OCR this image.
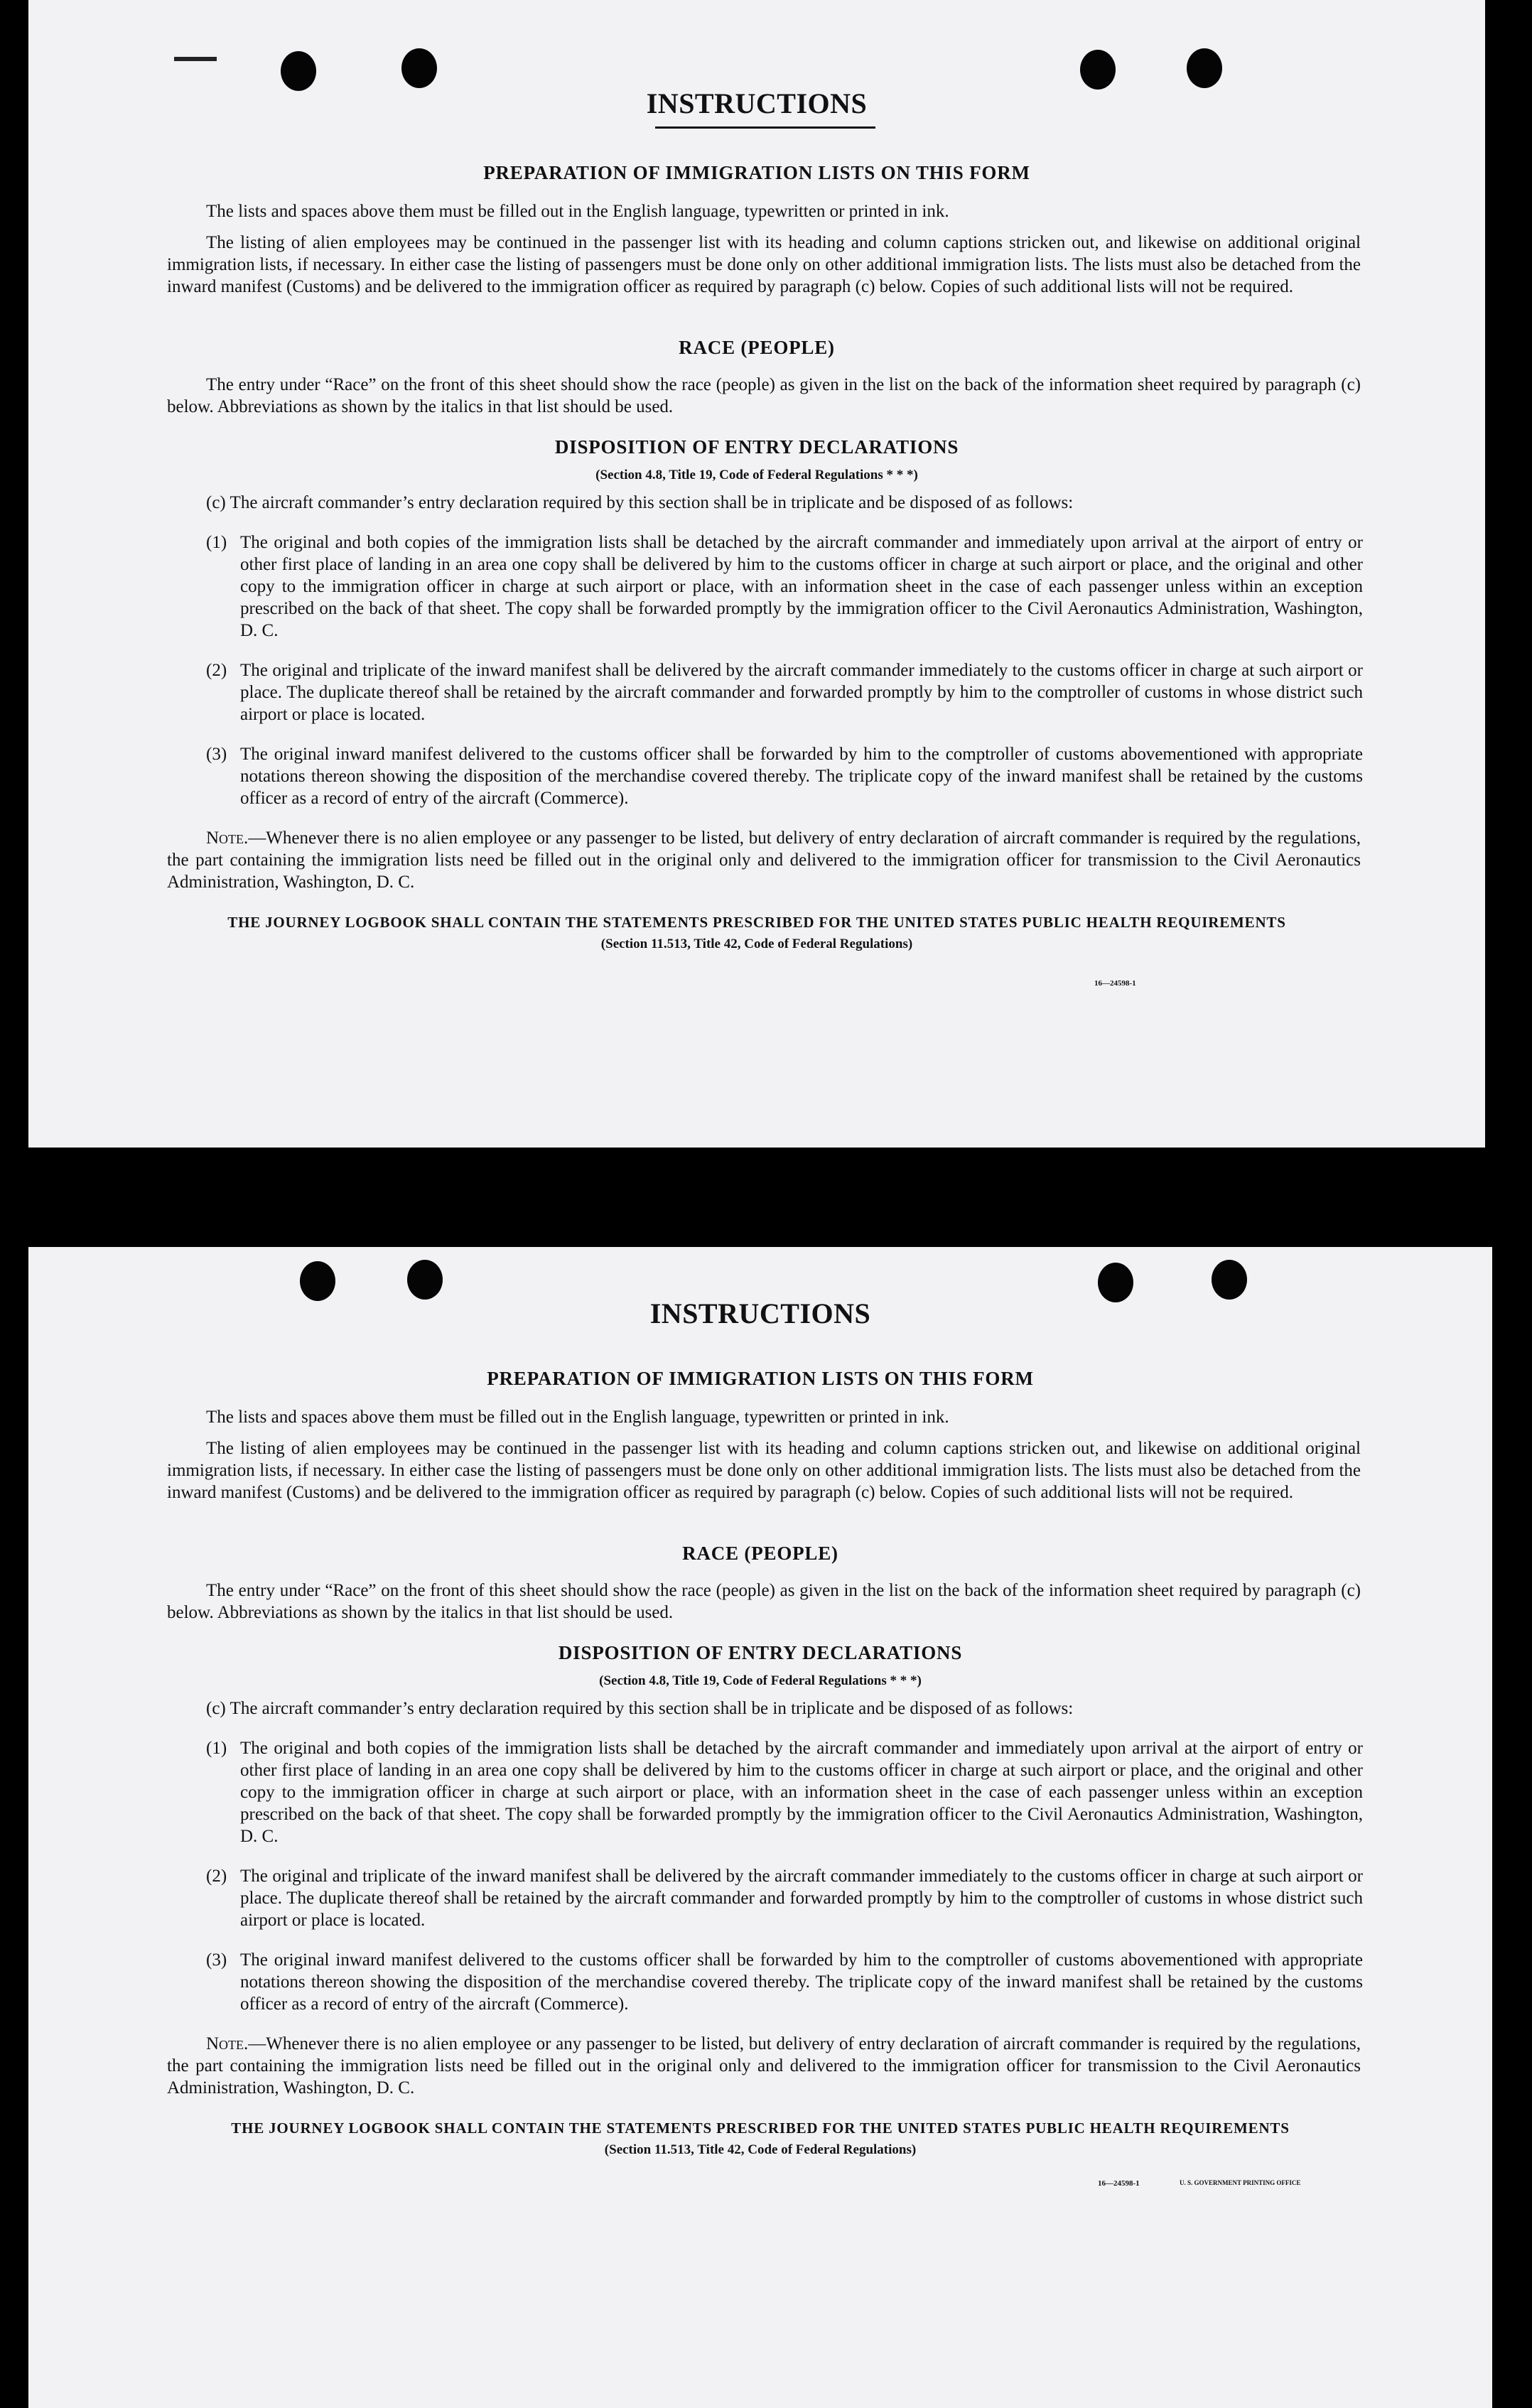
INSTRUCTIONS
PREPARATION OF IMMIGRATION LISTS ON THIS FORM

The lists and spaces above them must be filled out in the English language, typewritten or printed in ink.

The listing of alien employees may be continued in the passenger list with its heading and column captions stricken out, and likewise on additional original immigration lists, if necessary. In either case the listing of passengers must be done only on other additional immigration lists. The lists must also be detached from the inward manifest (Customs) and be delivered to the immigration officer as required by paragraph (c) below. Copies of such additional lists will not be required.

RACE (PEOPLE)

The entry under “Race” on the front of this sheet should show the race (people) as given in the list on the back of the information sheet required by paragraph (c) below. Abbreviations as shown by the italics in that list should be used.

DISPOSITION OF ENTRY DECLARATIONS
(Section 4.8, Title 19, Code of Federal Regulations * * *)

(c) The aircraft commander’s entry declaration required by this section shall be in triplicate and be disposed of as follows:

(1) The original and both copies of the immigration lists shall be detached by the aircraft commander and immediately upon arrival at the airport of entry or other first place of landing in an area one copy shall be delivered by him to the customs officer in charge at such airport or place, and the original and other copy to the immigration officer in charge at such airport or place, with an information sheet in the case of each passenger unless within an exception prescribed on the back of that sheet. The copy shall be forwarded promptly by the immigration officer to the Civil Aeronautics Administration, Washington, D. C.
(2) The original and triplicate of the inward manifest shall be delivered by the aircraft commander immediately to the customs officer in charge at such airport or place. The duplicate thereof shall be retained by the aircraft commander and forwarded promptly by him to the comptroller of customs in whose district such airport or place is located.
(3) The original inward manifest delivered to the customs officer shall be forwarded by him to the comptroller of customs abovementioned with appropriate notations thereon showing the disposition of the merchandise covered thereby. The triplicate copy of the inward manifest shall be retained by the customs officer as a record of entry of the aircraft (Commerce).

Note.—Whenever there is no alien employee or any passenger to be listed, but delivery of entry declaration of aircraft commander is required by the regulations, the part containing the immigration lists need be filled out in the original only and delivered to the immigration officer for transmission to the Civil Aeronautics Administration, Washington, D. C.

THE JOURNEY LOGBOOK SHALL CONTAIN THE STATEMENTS PRESCRIBED FOR THE UNITED STATES PUBLIC HEALTH REQUIREMENTS
(Section 11.513, Title 42, Code of Federal Regulations)
16—24598-1
INSTRUCTIONS
PREPARATION OF IMMIGRATION LISTS ON THIS FORM

The lists and spaces above them must be filled out in the English language, typewritten or printed in ink.

The listing of alien employees may be continued in the passenger list with its heading and column captions stricken out, and likewise on additional original immigration lists, if necessary. In either case the listing of passengers must be done only on other additional immigration lists. The lists must also be detached from the inward manifest (Customs) and be delivered to the immigration officer as required by paragraph (c) below. Copies of such additional lists will not be required.

RACE (PEOPLE)

The entry under “Race” on the front of this sheet should show the race (people) as given in the list on the back of the information sheet required by paragraph (c) below. Abbreviations as shown by the italics in that list should be used.

DISPOSITION OF ENTRY DECLARATIONS
(Section 4.8, Title 19, Code of Federal Regulations * * *)

(c) The aircraft commander’s entry declaration required by this section shall be in triplicate and be disposed of as follows:

(1) The original and both copies of the immigration lists shall be detached by the aircraft commander and immediately upon arrival at the airport of entry or other first place of landing in an area one copy shall be delivered by him to the customs officer in charge at such airport or place, and the original and other copy to the immigration officer in charge at such airport or place, with an information sheet in the case of each passenger unless within an exception prescribed on the back of that sheet. The copy shall be forwarded promptly by the immigration officer to the Civil Aeronautics Administration, Washington, D. C.
(2) The original and triplicate of the inward manifest shall be delivered by the aircraft commander immediately to the customs officer in charge at such airport or place. The duplicate thereof shall be retained by the aircraft commander and forwarded promptly by him to the comptroller of customs in whose district such airport or place is located.
(3) The original inward manifest delivered to the customs officer shall be forwarded by him to the comptroller of customs abovementioned with appropriate notations thereon showing the disposition of the merchandise covered thereby. The triplicate copy of the inward manifest shall be retained by the customs officer as a record of entry of the aircraft (Commerce).

Note.—Whenever there is no alien employee or any passenger to be listed, but delivery of entry declaration of aircraft commander is required by the regulations, the part containing the immigration lists need be filled out in the original only and delivered to the immigration officer for transmission to the Civil Aeronautics Administration, Washington, D. C.

THE JOURNEY LOGBOOK SHALL CONTAIN THE STATEMENTS PRESCRIBED FOR THE UNITED STATES PUBLIC HEALTH REQUIREMENTS
(Section 11.513, Title 42, Code of Federal Regulations)
16—24598-1	U. S. GOVERNMENT PRINTING OFFICE
